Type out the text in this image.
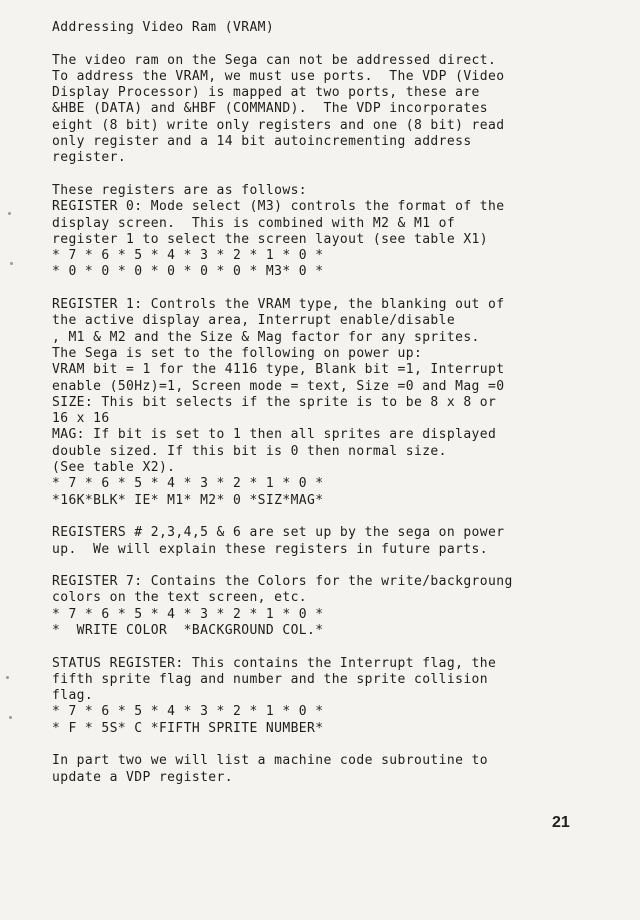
Addressing Video Ram (VRAM)
The video ram on the Sega can not be addressed direct.
To address the VRAM, we must use ports.  The VDP (Video
Display Processor) is mapped at two ports, these are
&HBE (DATA) and &HBF (COMMAND).  The VDP incorporates
eight (8 bit) write only registers and one (8 bit) read
only register and a 14 bit autoincrementing address
register.
These registers are as follows:
REGISTER 0: Mode select (M3) controls the format of the
display screen.  This is combined with M2 & M1 of
register 1 to select the screen layout (see table X1)
* 7 * 6 * 5 * 4 * 3 * 2 * 1 * 0 *
* 0 * 0 * 0 * 0 * 0 * 0 * M3* 0 *
REGISTER 1: Controls the VRAM type, the blanking out of
the active display area, Interrupt enable/disable
, M1 & M2 and the Size & Mag factor for any sprites.
The Sega is set to the following on power up:
VRAM bit = 1 for the 4116 type, Blank bit =1, Interrupt
enable (50Hz)=1, Screen mode = text, Size =0 and Mag =0
SIZE: This bit selects if the sprite is to be 8 x 8 or
16 x 16
MAG: If bit is set to 1 then all sprites are displayed
double sized. If this bit is 0 then normal size.
(See table X2).
* 7 * 6 * 5 * 4 * 3 * 2 * 1 * 0 *
*16K*BLK* IE* M1* M2* 0 *SIZ*MAG*
REGISTERS # 2,3,4,5 & 6 are set up by the sega on power
up.  We will explain these registers in future parts.
REGISTER 7: Contains the Colors for the write/backgroung
colors on the text screen, etc.
* 7 * 6 * 5 * 4 * 3 * 2 * 1 * 0 *
*  WRITE COLOR  *BACKGROUND COL.*
STATUS REGISTER: This contains the Interrupt flag, the
fifth sprite flag and number and the sprite collision
flag.
* 7 * 6 * 5 * 4 * 3 * 2 * 1 * 0 *
* F * 5S* C *FIFTH SPRITE NUMBER*
In part two we will list a machine code subroutine to
update a VDP register.
21
